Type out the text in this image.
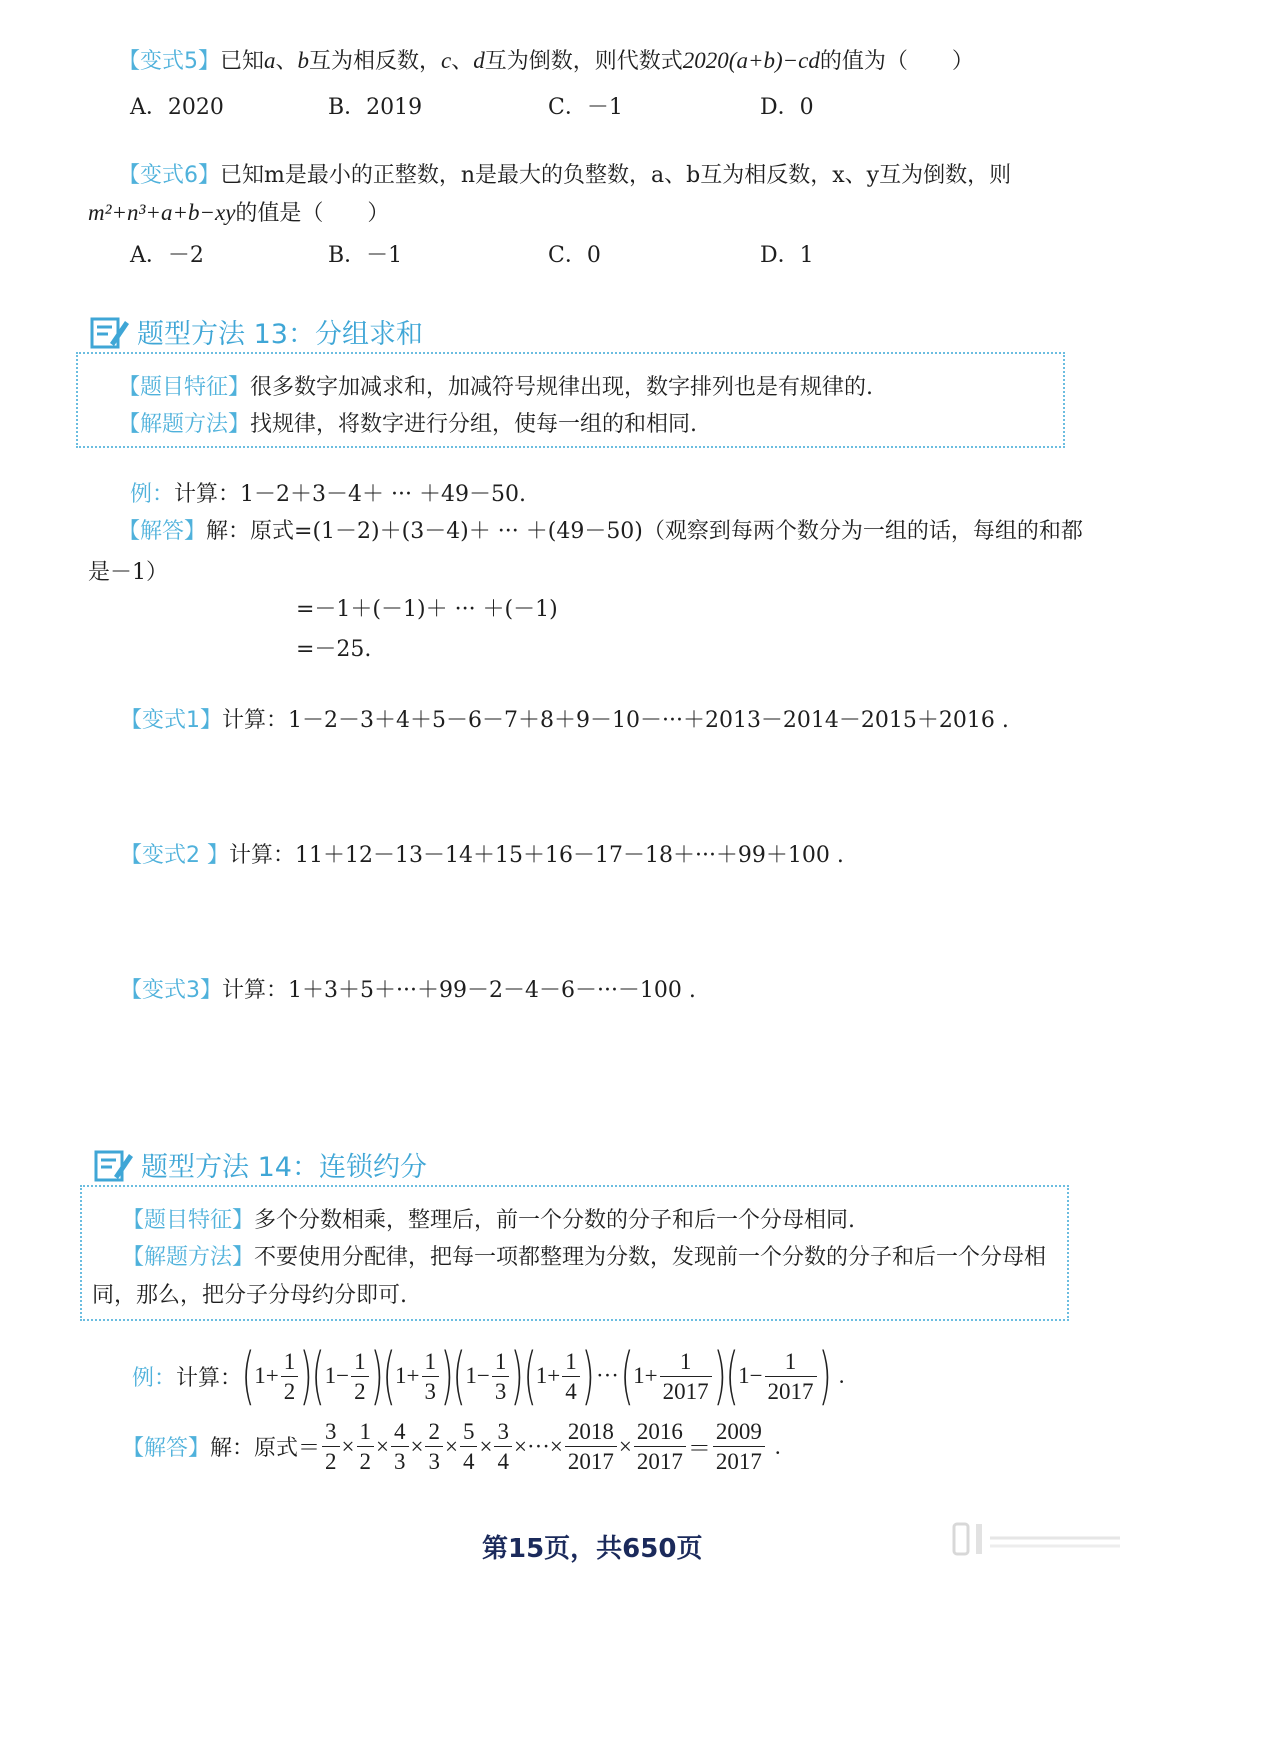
【变式5】已知a、b互为相反数，c、d互为倒数，则代数式2020(a+b)−cd的值为（　　）
A．2020	B．2019	C．－1	D．0
【变式6】已知m是最小的正整数，n是最大的负整数，a、b互为相反数，x、y互为倒数，则
m²+n³+a+b−xy的值是（　　）
A．－2	B．－1	C．0	D．1
题型方法 13：分组求和
【题目特征】很多数字加减求和，加减符号规律出现，数字排列也是有规律的.
【解题方法】找规律，将数字进行分组，使每一组的和相同.
例：计算：1－2＋3－4＋ ··· ＋49－50.
【解答】解：原式=(1－2)＋(3－4)＋ ··· ＋(49－50)（观察到每两个数分为一组的话，每组的和都
是－1）
=－1＋(－1)＋ ··· ＋(－1)
=－25.
【变式1】计算：1－2－3＋4＋5－6－7＋8＋9－10－···＋2013－2014－2015＋2016 .
【变式2 】计算：11＋12－13－14＋15＋16－17－18＋···＋99＋100 .
【变式3】计算：1＋3＋5＋···＋99－2－4－6－···－100 .
题型方法 14：连锁约分
【题目特征】多个分数相乘，整理后，前一个分数的分子和后一个分母相同.
【解题方法】不要使用分配律，把每一项都整理为分数，发现前一个分数的分子和后一个分母相
同，那么，把分子分母约分即可.
例： 计算： ( $1+ \frac{1}{2}$ )
( $1- \frac{1}{2}$ )
( $1+ \frac{1}{3}$ )
( $1- \frac{1}{3}$ )
( $1+ \frac{1}{4}$ ) ··· ( $1+ \frac{1}{2017}$ )
( $1- \frac{1}{2017}$ ) .
【解答】 解：原式＝ $\frac{3}{2} \times \frac{1}{2} \times \frac{4}{3} \times \frac{2}{3} \times \frac{5}{4} \times \frac{3}{4}$ × ··· × $\frac{2018}{2017} \times \frac{2016}{2017} = \frac{2009}{2017}$ .
第15页，共650页
